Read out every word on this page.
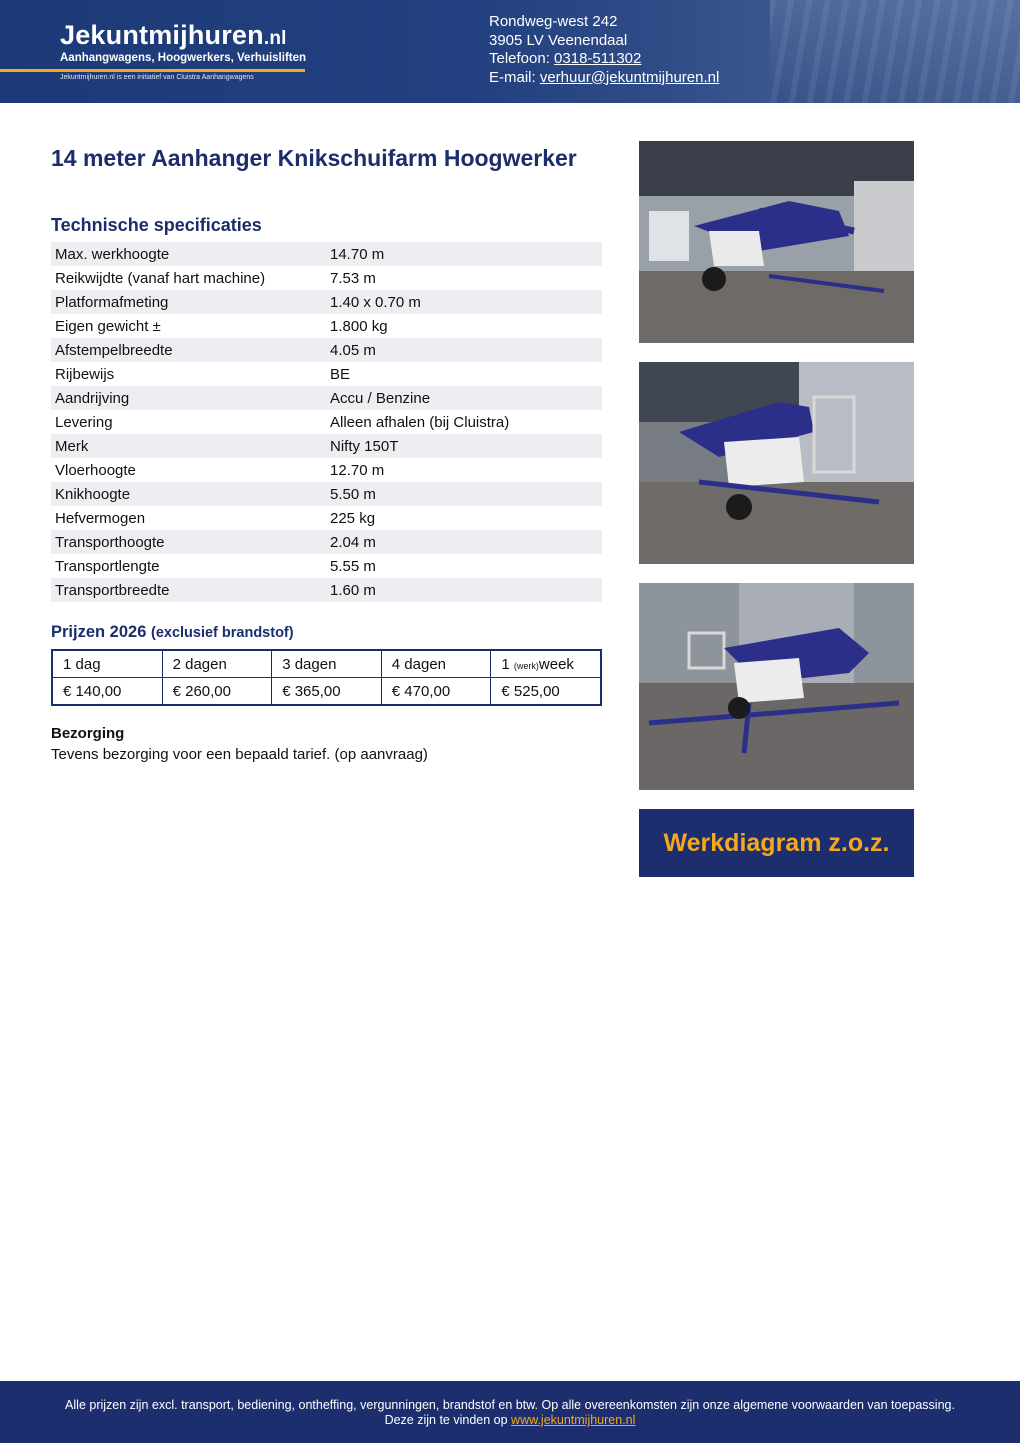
Jekuntmijhuren.nl
Aanhangwagens, Hoogwerkers, Verhuisliften
Jekuntmijhuren.nl is een initiatief van Cluistra Aanhangwagens
Rondweg-west 242
3905 LV Veenendaal
Telefoon: 0318-511302
E-mail: verhuur@jekuntmijhuren.nl
14 meter Aanhanger Knikschuifarm Hoogwerker
Technische specificaties
Max. werkhoogte	14.70 m
Reikwijdte (vanaf hart machine)	7.53 m
Platformafmeting	1.40 x 0.70 m
Eigen gewicht ±	1.800 kg
Afstempelbreedte	4.05 m
Rijbewijs	BE
Aandrijving	Accu / Benzine
Levering	Alleen afhalen (bij Cluistra)
Merk	Nifty 150T
Vloerhoogte	12.70 m
Knikhoogte	5.50 m
Hefvermogen	225 kg
Transporthoogte	2.04 m
Transportlengte	5.55 m
Transportbreedte	1.60 m
Prijzen 2026 (exclusief brandstof)
1 dag	2 dagen	3 dagen	4 dagen	1 (werk)week
€ 140,00	€ 260,00	€ 365,00	€ 470,00	€ 525,00
Bezorging
Tevens bezorging voor een bepaald tarief. (op aanvraag)
Werkdiagram z.o.z.
Alle prijzen zijn excl. transport, bediening, ontheffing, vergunningen, brandstof en btw. Op alle overeenkomsten zijn onze algemene voorwaarden van toepassing.
Deze zijn te vinden op www.jekuntmijhuren.nl
